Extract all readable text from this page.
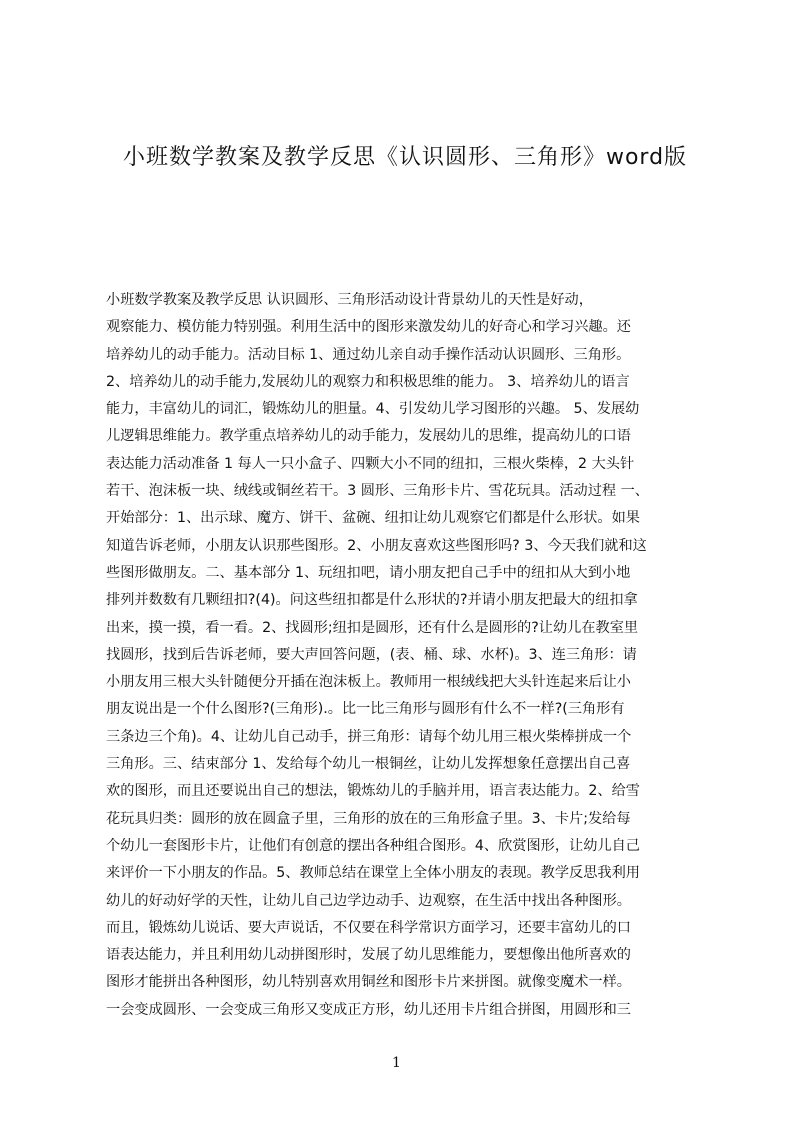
小班数学教案及教学反思《认识圆形、三角形》word版
小班数学教案及教学反思 认识圆形、三角形活动设计背景幼儿的天性是好动，
观察能力、模仿能力特别强。利用生活中的图形来激发幼儿的好奇心和学习兴趣。还
培养幼儿的动手能力。活动目标 1、通过幼儿亲自动手操作活动认识圆形、三角形。
2、培养幼儿的动手能力,发展幼儿的观察力和积极思维的能力。 3、培养幼儿的语言
能力，丰富幼儿的词汇，锻炼幼儿的胆量。4、引发幼儿学习图形的兴趣。 5、发展幼
儿逻辑思维能力。教学重点培养幼儿的动手能力，发展幼儿的思维，提高幼儿的口语
表达能力活动准备 1 每人一只小盒子、四颗大小不同的纽扣，三根火柴棒，2 大头针
若干、泡沫板一块、绒线或铜丝若干。3 圆形、三角形卡片、雪花玩具。活动过程 一、
开始部分：1、出示球、魔方、饼干、盆碗、纽扣让幼儿观察它们都是什么形状。如果
知道告诉老师，小朋友认识那些图形。2、小朋友喜欢这些图形吗? 3、今天我们就和这
些图形做朋友。二、基本部分 1、玩纽扣吧，请小朋友把自己手中的纽扣从大到小地
排列并数数有几颗纽扣?(4)。问这些纽扣都是什么形状的?并请小朋友把最大的纽扣拿
出来，摸一摸，看一看。2、找圆形;纽扣是圆形，还有什么是圆形的?让幼儿在教室里
找圆形，找到后告诉老师，要大声回答问题，(表、桶、球、水杯)。3、连三角形：请
小朋友用三根大头针随便分开插在泡沫板上。教师用一根绒线把大头针连起来后让小
朋友说出是一个什么图形?(三角形).。比一比三角形与圆形有什么不一样?(三角形有
三条边三个角)。4、让幼儿自己动手，拼三角形：请每个幼儿用三根火柴棒拼成一个
三角形。三、结束部分 1、发给每个幼儿一根铜丝，让幼儿发挥想象任意摆出自己喜
欢的图形，而且还要说出自己的想法，锻炼幼儿的手脑并用，语言表达能力。2、给雪
花玩具归类：圆形的放在圆盒子里，三角形的放在的三角形盒子里。3、卡片;发给每
个幼儿一套图形卡片，让他们有创意的摆出各种组合图形。4、欣赏图形，让幼儿自己
来评价一下小朋友的作品。5、教师总结在课堂上全体小朋友的表现。教学反思我利用
幼儿的好动好学的天性，让幼儿自己边学边动手、边观察，在生活中找出各种图形。
而且，锻炼幼儿说话、要大声说话，不仅要在科学常识方面学习，还要丰富幼儿的口
语表达能力，并且利用幼儿动拼图形时，发展了幼儿思维能力，要想像出他所喜欢的
图形才能拼出各种图形，幼儿特别喜欢用铜丝和图形卡片来拼图。就像变魔术一样。
一会变成圆形、一会变成三角形又变成正方形，幼儿还用卡片组合拼图，用圆形和三
1
